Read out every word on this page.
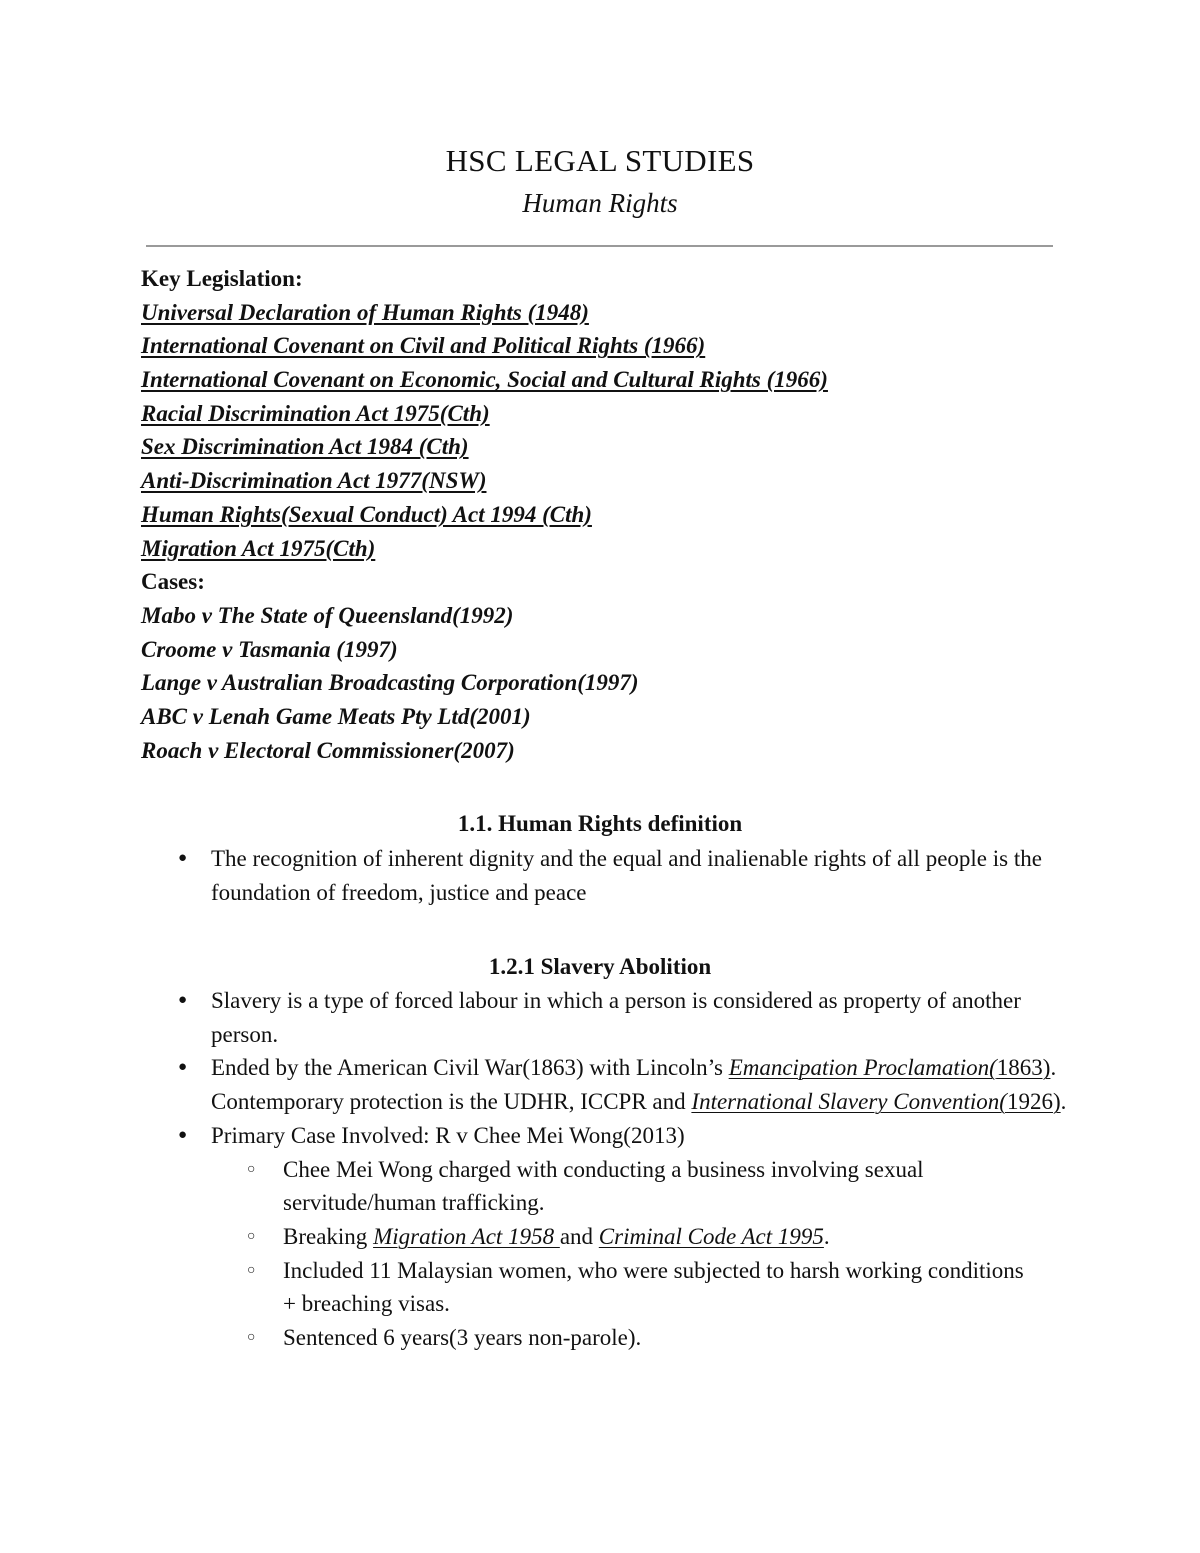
HSC LEGAL STUDIES
Human Rights
Key Legislation:
Universal Declaration of Human Rights (1948)
International Covenant on Civil and Political Rights (1966)
International Covenant on Economic, Social and Cultural Rights (1966)
Racial Discrimination Act 1975(Cth)
Sex Discrimination Act 1984 (Cth)
Anti-Discrimination Act 1977(NSW)
Human Rights(Sexual Conduct) Act 1994 (Cth)
Migration Act 1975(Cth)
Cases:
Mabo v The State of Queensland(1992)
Croome v Tasmania (1997)
Lange v Australian Broadcasting Corporation(1997)
ABC v Lenah Game Meats Pty Ltd(2001)
Roach v Electoral Commissioner(2007)
1.1. Human Rights definition
● The recognition of inherent dignity and the equal and inalienable rights of all people is the foundation of freedom, justice and peace
1.2.1 Slavery Abolition
● Slavery is a type of forced labour in which a person is considered as property of another person.
● Ended by the American Civil War(1863) with Lincoln’s Emancipation Proclamation(1863). Contemporary protection is the UDHR, ICCPR and International Slavery Convention(1926).
● Primary Case Involved: R v Chee Mei Wong(2013)
○ Chee Mei Wong charged with conducting a business involving sexual servitude/human trafficking.
○ Breaking Migration Act 1958 and Criminal Code Act 1995.
○ Included 11 Malaysian women, who were subjected to harsh working conditions + breaching visas.
○ Sentenced 6 years(3 years non-parole).
